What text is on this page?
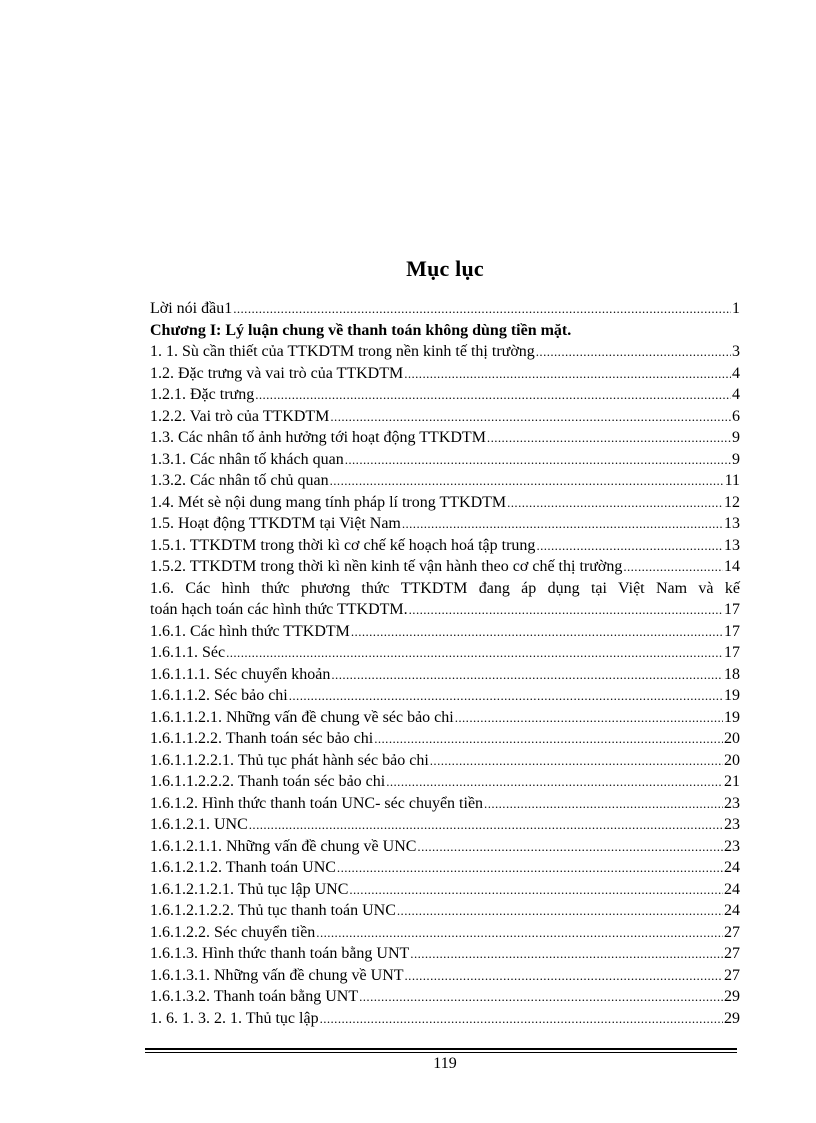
Mục lục
Lời nói đầu1 .....	1
Chương I: Lý luận chung về thanh toán không dùng tiền mặt.
1. 1. Sù cần thiết của TTKDTM trong nền kinh tế thị trường .....	3
1.2. Đặc trưng và vai trò của TTKDTM .....	4
1.2.1. Đặc trưng .....	4
1.2.2. Vai trò của TTKDTM .....	6
1.3. Các nhân tố ảnh hưởng tới hoạt động TTKDTM .....	9
1.3.1. Các nhân tố khách quan .....	9
1.3.2. Các nhân tố chủ quan .....	11
1.4. Mét sè nội dung mang tính pháp lí trong TTKDTM .....	12
1.5. Hoạt động TTKDTM tại Việt Nam .....	13
1.5.1. TTKDTM trong thời kì cơ chế kế hoạch hoá tập trung .....	13
1.5.2. TTKDTM trong thời kì nền kinh tế vận hành theo cơ chế thị trường .....	14
1.6. Các hình thức phương thức TTKDTM đang áp dụng tại Việt Nam và kế
toán hạch toán các hình thức TTKDTM. .....	17
1.6.1. Các hình thức TTKDTM .....	17
1.6.1.1. Séc .....	17
1.6.1.1.1. Séc chuyển khoản .....	18
1.6.1.1.2. Séc bảo chi .....	19
1.6.1.1.2.1. Những vấn đề chung về séc bảo chi .....	19
1.6.1.1.2.2. Thanh toán séc bảo chi .....	20
1.6.1.1.2.2.1. Thủ tục phát hành séc bảo chi .....	20
1.6.1.1.2.2.2. Thanh toán séc bảo chi .....	21
1.6.1.2. Hình thức thanh toán UNC- séc chuyển tiền .....	23
1.6.1.2.1. UNC .....	23
1.6.1.2.1.1. Những vấn đề chung về UNC .....	23
1.6.1.2.1.2. Thanh toán UNC .....	24
1.6.1.2.1.2.1. Thủ tục lập UNC .....	24
1.6.1.2.1.2.2. Thủ tục thanh toán UNC .....	24
1.6.1.2.2. Séc chuyển tiền .....	27
1.6.1.3. Hình thức thanh toán bằng UNT .....	27
1.6.1.3.1. Những vấn đề chung về UNT .....	27
1.6.1.3.2. Thanh toán bằng UNT .....	29
1. 6. 1. 3. 2. 1. Thủ tục lập .....	29
119
